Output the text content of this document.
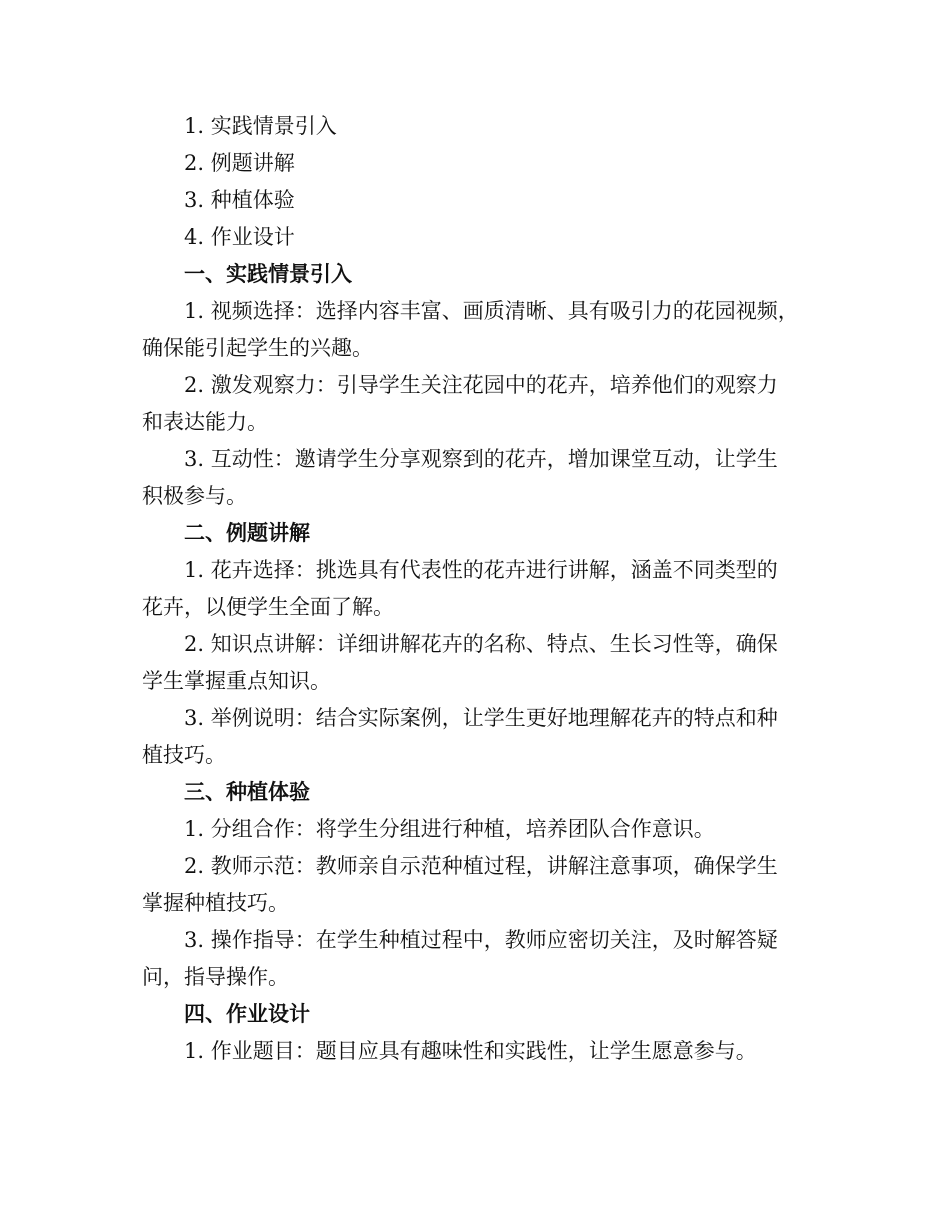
1. 实践情景引入

2. 例题讲解

3. 种植体验

4. 作业设计

一、实践情景引入

1. 视频选择：选择内容丰富、画质清晰、具有吸引力的花园视频，
确保能引起学生的兴趣。
2. 激发观察力：引导学生关注花园中的花卉，培养他们的观察力
和表达能力。
3. 互动性：邀请学生分享观察到的花卉，增加课堂互动，让学生
积极参与。

二、例题讲解

1. 花卉选择：挑选具有代表性的花卉进行讲解，涵盖不同类型的
花卉，以便学生全面了解。
2. 知识点讲解：详细讲解花卉的名称、特点、生长习性等，确保
学生掌握重点知识。
3. 举例说明：结合实际案例，让学生更好地理解花卉的特点和种
植技巧。

三、种植体验

1. 分组合作：将学生分组进行种植，培养团队合作意识。
2. 教师示范：教师亲自示范种植过程，讲解注意事项，确保学生
掌握种植技巧。
3. 操作指导：在学生种植过程中，教师应密切关注，及时解答疑
问，指导操作。

四、作业设计

1. 作业题目：题目应具有趣味性和实践性，让学生愿意参与。
